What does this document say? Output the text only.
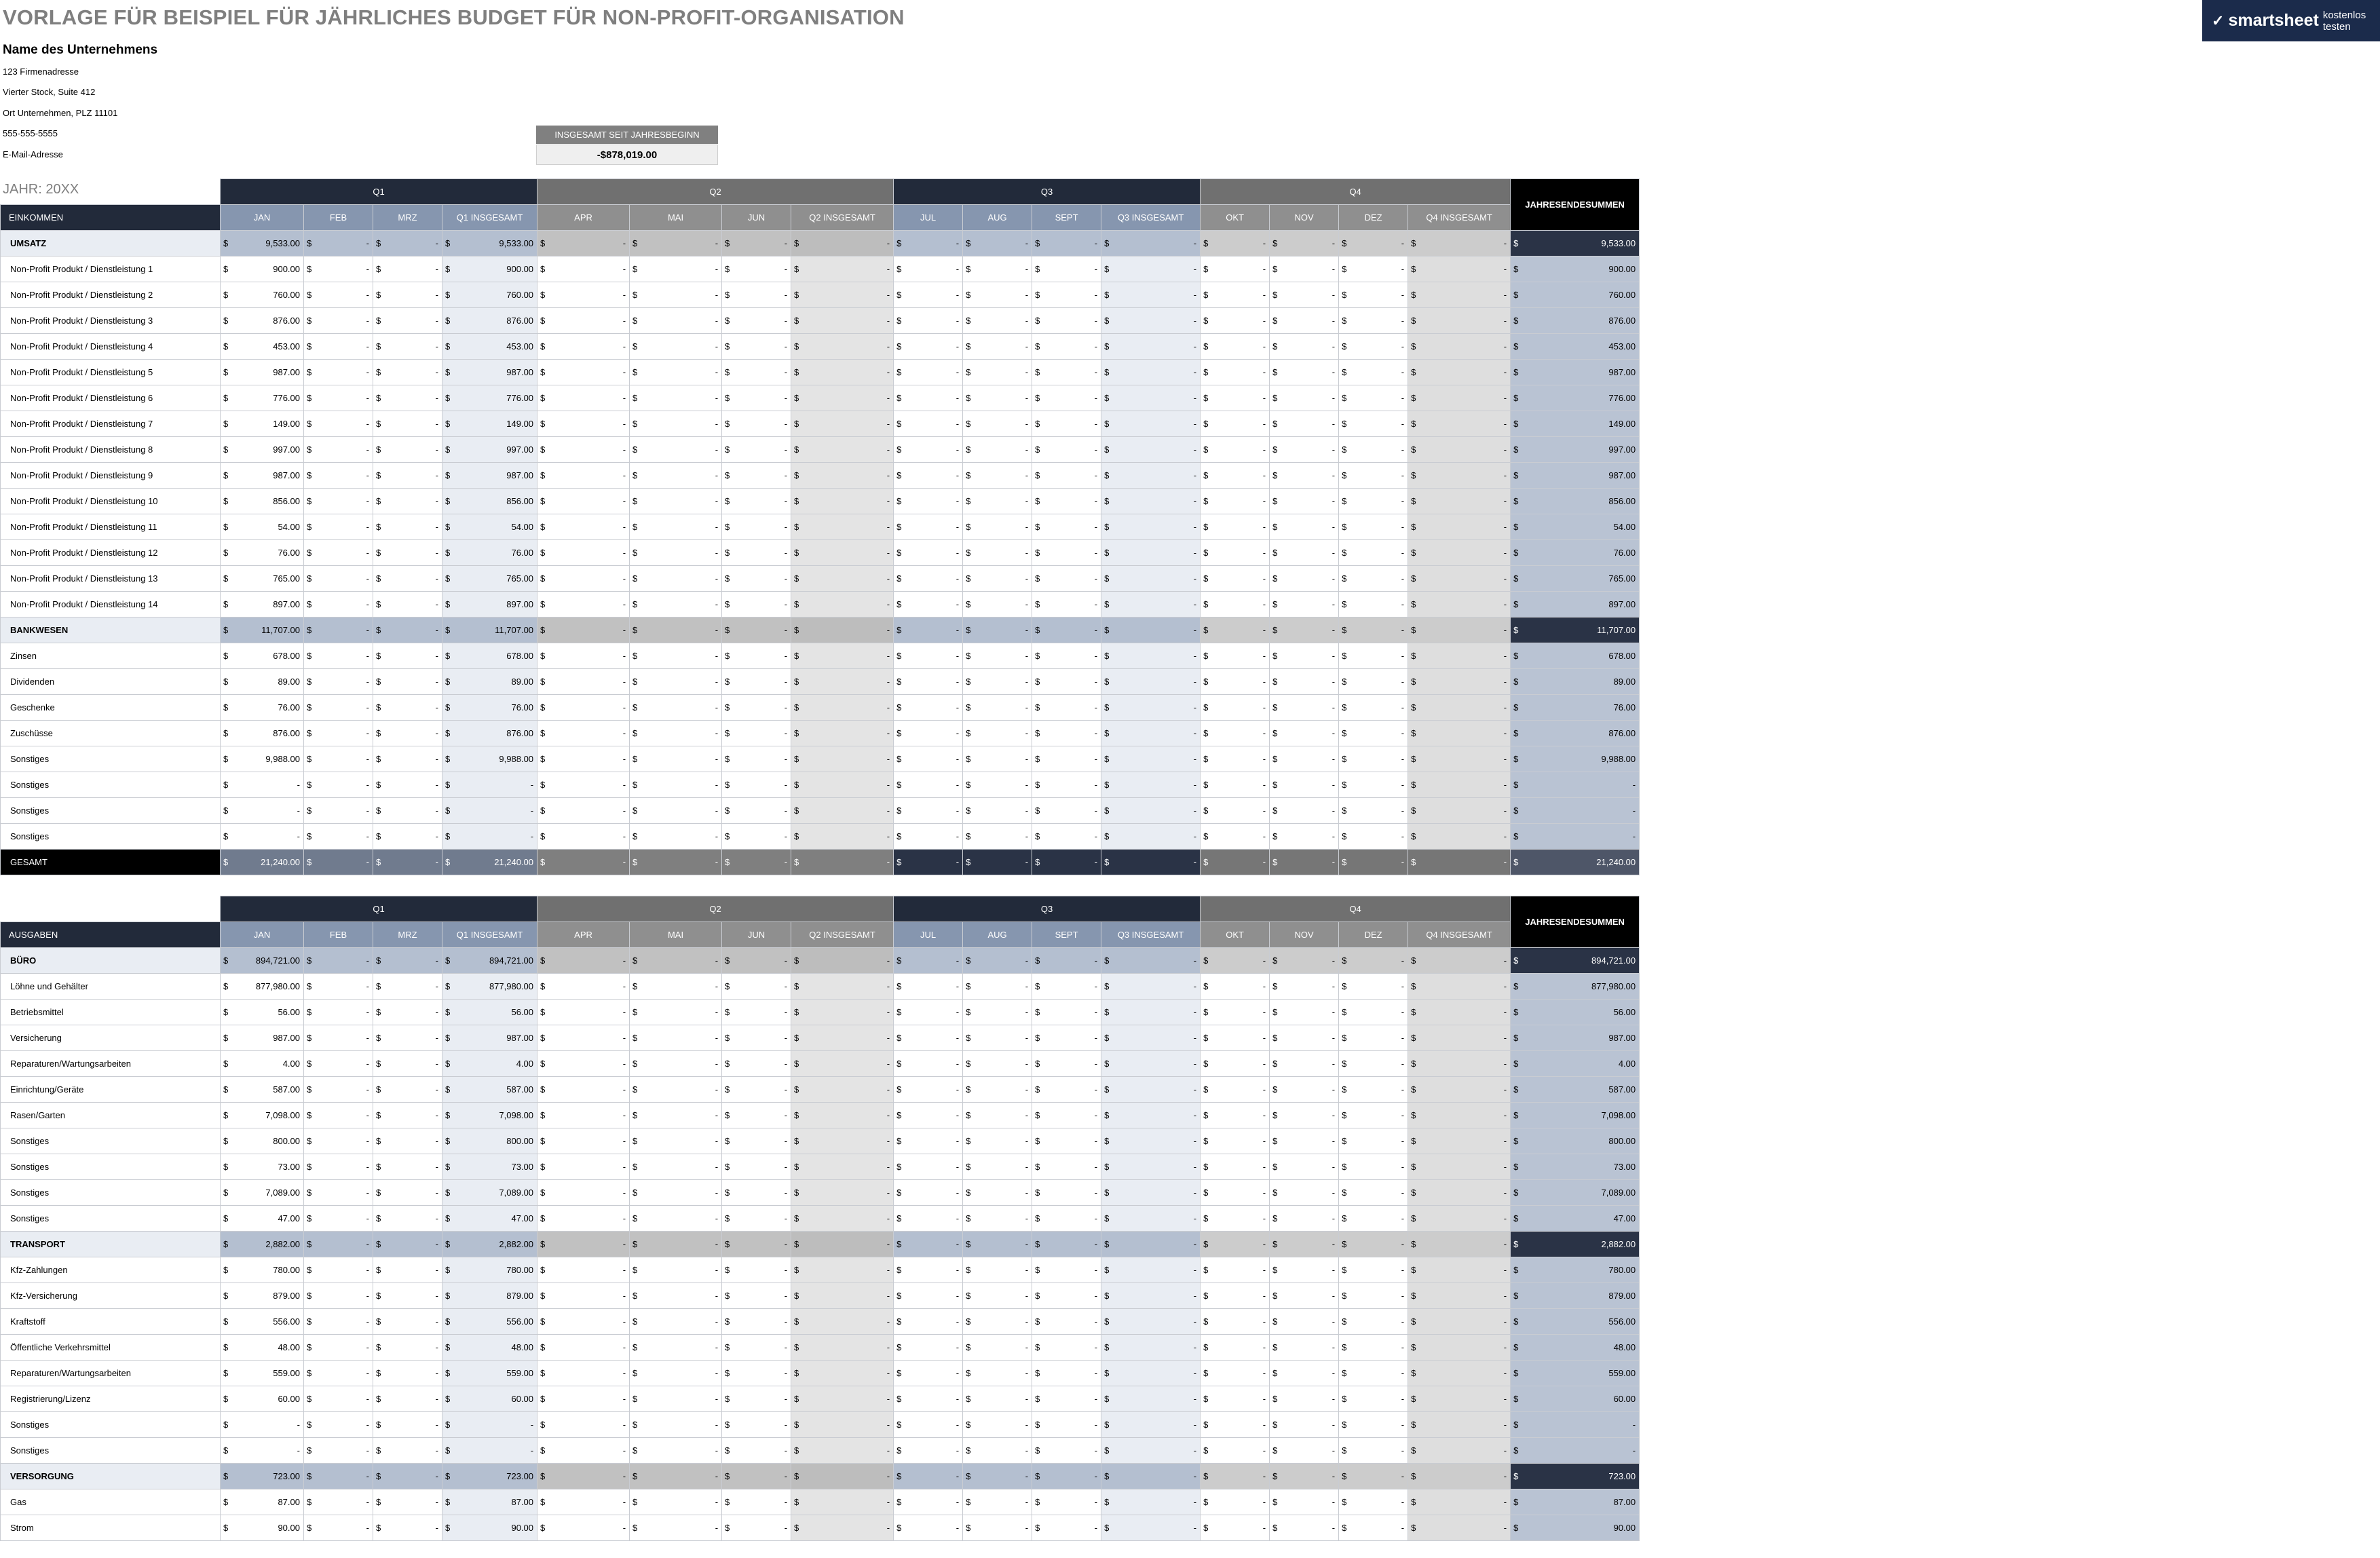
VORLAGE FÜR BEISPIEL FÜR JÄHRLICHES BUDGET FÜR NON-PROFIT-ORGANISATION	✓ smartsheet kostenlos testen
Name des Unternehmens
123 Firmenadresse
Vierter Stock, Suite 412
Ort Unternehmen, PLZ 11101
555-555-5555
E-Mail-Adresse
INSGESAMT SEIT JAHRESBEGINN
-$878,019.00
JAHR: 20XX
		Q1				Q2				Q3				Q4				JAHRESENDESUMMEN
EINKOMMEN	JAN	FEB	MRZ	Q1 INSGESAMT	APR	MAI	JUN	Q2 INSGESAMT	JUL	AUG	SEPT	Q3 INSGESAMT	OKT	NOV	DEZ	Q4 INSGESAMT	
UMSATZ	$ 9,533.00	$ -	$ -	$ 9,533.00	$ -	$ -	$ -	$ -	$ -	$ -	$ -	$ -	$ -	$ -	$ -	$ -	$ 9,533.00

Non-Profit Produkt / Dienstleistung 1	$ 900.00	$ -	$ -	$ 900.00	$ -	$ -	$ -	$ -	$ -	$ -	$ -	$ -	$ -	$ -	$ -	$ -	$ 900.00

Non-Profit Produkt / Dienstleistung 2	$ 760.00	$ -	$ -	$ 760.00	$ -	$ -	$ -	$ -	$ -	$ -	$ -	$ -	$ -	$ -	$ -	$ -	$ 760.00

Non-Profit Produkt / Dienstleistung 3	$ 876.00	$ -	$ -	$ 876.00	$ -	$ -	$ -	$ -	$ -	$ -	$ -	$ -	$ -	$ -	$ -	$ -	$ 876.00

Non-Profit Produkt / Dienstleistung 4	$ 453.00	$ -	$ -	$ 453.00	$ -	$ -	$ -	$ -	$ -	$ -	$ -	$ -	$ -	$ -	$ -	$ -	$ 453.00

Non-Profit Produkt / Dienstleistung 5	$ 987.00	$ -	$ -	$ 987.00	$ -	$ -	$ -	$ -	$ -	$ -	$ -	$ -	$ -	$ -	$ -	$ -	$ 987.00

Non-Profit Produkt / Dienstleistung 6	$ 776.00	$ -	$ -	$ 776.00	$ -	$ -	$ -	$ -	$ -	$ -	$ -	$ -	$ -	$ -	$ -	$ -	$ 776.00

Non-Profit Produkt / Dienstleistung 7	$ 149.00	$ -	$ -	$ 149.00	$ -	$ -	$ -	$ -	$ -	$ -	$ -	$ -	$ -	$ -	$ -	$ -	$ 149.00

Non-Profit Produkt / Dienstleistung 8	$ 997.00	$ -	$ -	$ 997.00	$ -	$ -	$ -	$ -	$ -	$ -	$ -	$ -	$ -	$ -	$ -	$ -	$ 997.00

Non-Profit Produkt / Dienstleistung 9	$ 987.00	$ -	$ -	$ 987.00	$ -	$ -	$ -	$ -	$ -	$ -	$ -	$ -	$ -	$ -	$ -	$ -	$ 987.00

Non-Profit Produkt / Dienstleistung 10	$ 856.00	$ -	$ -	$ 856.00	$ -	$ -	$ -	$ -	$ -	$ -	$ -	$ -	$ -	$ -	$ -	$ -	$ 856.00

Non-Profit Produkt / Dienstleistung 11	$ 54.00	$ -	$ -	$ 54.00	$ -	$ -	$ -	$ -	$ -	$ -	$ -	$ -	$ -	$ -	$ -	$ -	$ 54.00

Non-Profit Produkt / Dienstleistung 12	$ 76.00	$ -	$ -	$ 76.00	$ -	$ -	$ -	$ -	$ -	$ -	$ -	$ -	$ -	$ -	$ -	$ -	$ 76.00

Non-Profit Produkt / Dienstleistung 13	$ 765.00	$ -	$ -	$ 765.00	$ -	$ -	$ -	$ -	$ -	$ -	$ -	$ -	$ -	$ -	$ -	$ -	$ 765.00

Non-Profit Produkt / Dienstleistung 14	$ 897.00	$ -	$ -	$ 897.00	$ -	$ -	$ -	$ -	$ -	$ -	$ -	$ -	$ -	$ -	$ -	$ -	$ 897.00

BANKWESEN	$ 11,707.00	$ -	$ -	$ 11,707.00	$ -	$ -	$ -	$ -	$ -	$ -	$ -	$ -	$ -	$ -	$ -	$ -	$ 11,707.00

Zinsen	$ 678.00	$ -	$ -	$ 678.00	$ -	$ -	$ -	$ -	$ -	$ -	$ -	$ -	$ -	$ -	$ -	$ -	$ 678.00

Dividenden	$ 89.00	$ -	$ -	$ 89.00	$ -	$ -	$ -	$ -	$ -	$ -	$ -	$ -	$ -	$ -	$ -	$ -	$ 89.00

Geschenke	$ 76.00	$ -	$ -	$ 76.00	$ -	$ -	$ -	$ -	$ -	$ -	$ -	$ -	$ -	$ -	$ -	$ -	$ 76.00

Zuschüsse	$ 876.00	$ -	$ -	$ 876.00	$ -	$ -	$ -	$ -	$ -	$ -	$ -	$ -	$ -	$ -	$ -	$ -	$ 876.00

Sonstiges	$ 9,988.00	$ -	$ -	$ 9,988.00	$ -	$ -	$ -	$ -	$ -	$ -	$ -	$ -	$ -	$ -	$ -	$ -	$ 9,988.00

Sonstiges	$ -	$ -	$ -	$ -	$ -	$ -	$ -	$ -	$ -	$ -	$ -	$ -	$ -	$ -	$ -	$ -	$ -

Sonstiges	$ -	$ -	$ -	$ -	$ -	$ -	$ -	$ -	$ -	$ -	$ -	$ -	$ -	$ -	$ -	$ -	$ -

Sonstiges	$ -	$ -	$ -	$ -	$ -	$ -	$ -	$ -	$ -	$ -	$ -	$ -	$ -	$ -	$ -	$ -	$ -

GESAMT	$ 21,240.00	$ -	$ -	$ 21,240.00	$ -	$ -	$ -	$ -	$ -	$ -	$ -	$ -	$ -	$ -	$ -	$ -	$ 21,240.00
	Q1				Q2				Q3				Q4				JAHRESENDESUMMEN
AUSGABEN	JAN	FEB	MRZ	Q1 INSGESAMT	APR	MAI	JUN	Q2 INSGESAMT	JUL	AUG	SEPT	Q3 INSGESAMT	OKT	NOV	DEZ	Q4 INSGESAMT	
BÜRO	$ 894,721.00	$ -	$ -	$ 894,721.00	$ -	$ -	$ -	$ -	$ -	$ -	$ -	$ -	$ -	$ -	$ -	$ -	$ 894,721.00

Löhne und Gehälter	$ 877,980.00	$ -	$ -	$ 877,980.00	$ -	$ -	$ -	$ -	$ -	$ -	$ -	$ -	$ -	$ -	$ -	$ -	$ 877,980.00

Betriebsmittel	$ 56.00	$ -	$ -	$ 56.00	$ -	$ -	$ -	$ -	$ -	$ -	$ -	$ -	$ -	$ -	$ -	$ -	$ 56.00

Versicherung	$ 987.00	$ -	$ -	$ 987.00	$ -	$ -	$ -	$ -	$ -	$ -	$ -	$ -	$ -	$ -	$ -	$ -	$ 987.00

Reparaturen/Wartungsarbeiten	$ 4.00	$ -	$ -	$ 4.00	$ -	$ -	$ -	$ -	$ -	$ -	$ -	$ -	$ -	$ -	$ -	$ -	$ 4.00

Einrichtung/Geräte	$ 587.00	$ -	$ -	$ 587.00	$ -	$ -	$ -	$ -	$ -	$ -	$ -	$ -	$ -	$ -	$ -	$ -	$ 587.00

Rasen/Garten	$ 7,098.00	$ -	$ -	$ 7,098.00	$ -	$ -	$ -	$ -	$ -	$ -	$ -	$ -	$ -	$ -	$ -	$ -	$ 7,098.00

Sonstiges	$ 800.00	$ -	$ -	$ 800.00	$ -	$ -	$ -	$ -	$ -	$ -	$ -	$ -	$ -	$ -	$ -	$ -	$ 800.00

Sonstiges	$ 73.00	$ -	$ -	$ 73.00	$ -	$ -	$ -	$ -	$ -	$ -	$ -	$ -	$ -	$ -	$ -	$ -	$ 73.00

Sonstiges	$ 7,089.00	$ -	$ -	$ 7,089.00	$ -	$ -	$ -	$ -	$ -	$ -	$ -	$ -	$ -	$ -	$ -	$ -	$ 7,089.00

Sonstiges	$ 47.00	$ -	$ -	$ 47.00	$ -	$ -	$ -	$ -	$ -	$ -	$ -	$ -	$ -	$ -	$ -	$ -	$ 47.00

TRANSPORT	$ 2,882.00	$ -	$ -	$ 2,882.00	$ -	$ -	$ -	$ -	$ -	$ -	$ -	$ -	$ -	$ -	$ -	$ -	$ 2,882.00

Kfz-Zahlungen	$ 780.00	$ -	$ -	$ 780.00	$ -	$ -	$ -	$ -	$ -	$ -	$ -	$ -	$ -	$ -	$ -	$ -	$ 780.00

Kfz-Versicherung	$ 879.00	$ -	$ -	$ 879.00	$ -	$ -	$ -	$ -	$ -	$ -	$ -	$ -	$ -	$ -	$ -	$ -	$ 879.00

Kraftstoff	$ 556.00	$ -	$ -	$ 556.00	$ -	$ -	$ -	$ -	$ -	$ -	$ -	$ -	$ -	$ -	$ -	$ -	$ 556.00

Öffentliche Verkehrsmittel	$ 48.00	$ -	$ -	$ 48.00	$ -	$ -	$ -	$ -	$ -	$ -	$ -	$ -	$ -	$ -	$ -	$ -	$ 48.00

Reparaturen/Wartungsarbeiten	$ 559.00	$ -	$ -	$ 559.00	$ -	$ -	$ -	$ -	$ -	$ -	$ -	$ -	$ -	$ -	$ -	$ -	$ 559.00

Registrierung/Lizenz	$ 60.00	$ -	$ -	$ 60.00	$ -	$ -	$ -	$ -	$ -	$ -	$ -	$ -	$ -	$ -	$ -	$ -	$ 60.00

Sonstiges	$ -	$ -	$ -	$ -	$ -	$ -	$ -	$ -	$ -	$ -	$ -	$ -	$ -	$ -	$ -	$ -	$ -

Sonstiges	$ -	$ -	$ -	$ -	$ -	$ -	$ -	$ -	$ -	$ -	$ -	$ -	$ -	$ -	$ -	$ -	$ -

VERSORGUNG	$ 723.00	$ -	$ -	$ 723.00	$ -	$ -	$ -	$ -	$ -	$ -	$ -	$ -	$ -	$ -	$ -	$ -	$ 723.00

Gas	$ 87.00	$ -	$ -	$ 87.00	$ -	$ -	$ -	$ -	$ -	$ -	$ -	$ -	$ -	$ -	$ -	$ -	$ 87.00

Strom	$ 90.00	$ -	$ -	$ 90.00	$ -	$ -	$ -	$ -	$ -	$ -	$ -	$ -	$ -	$ -	$ -	$ -	$ 90.00
